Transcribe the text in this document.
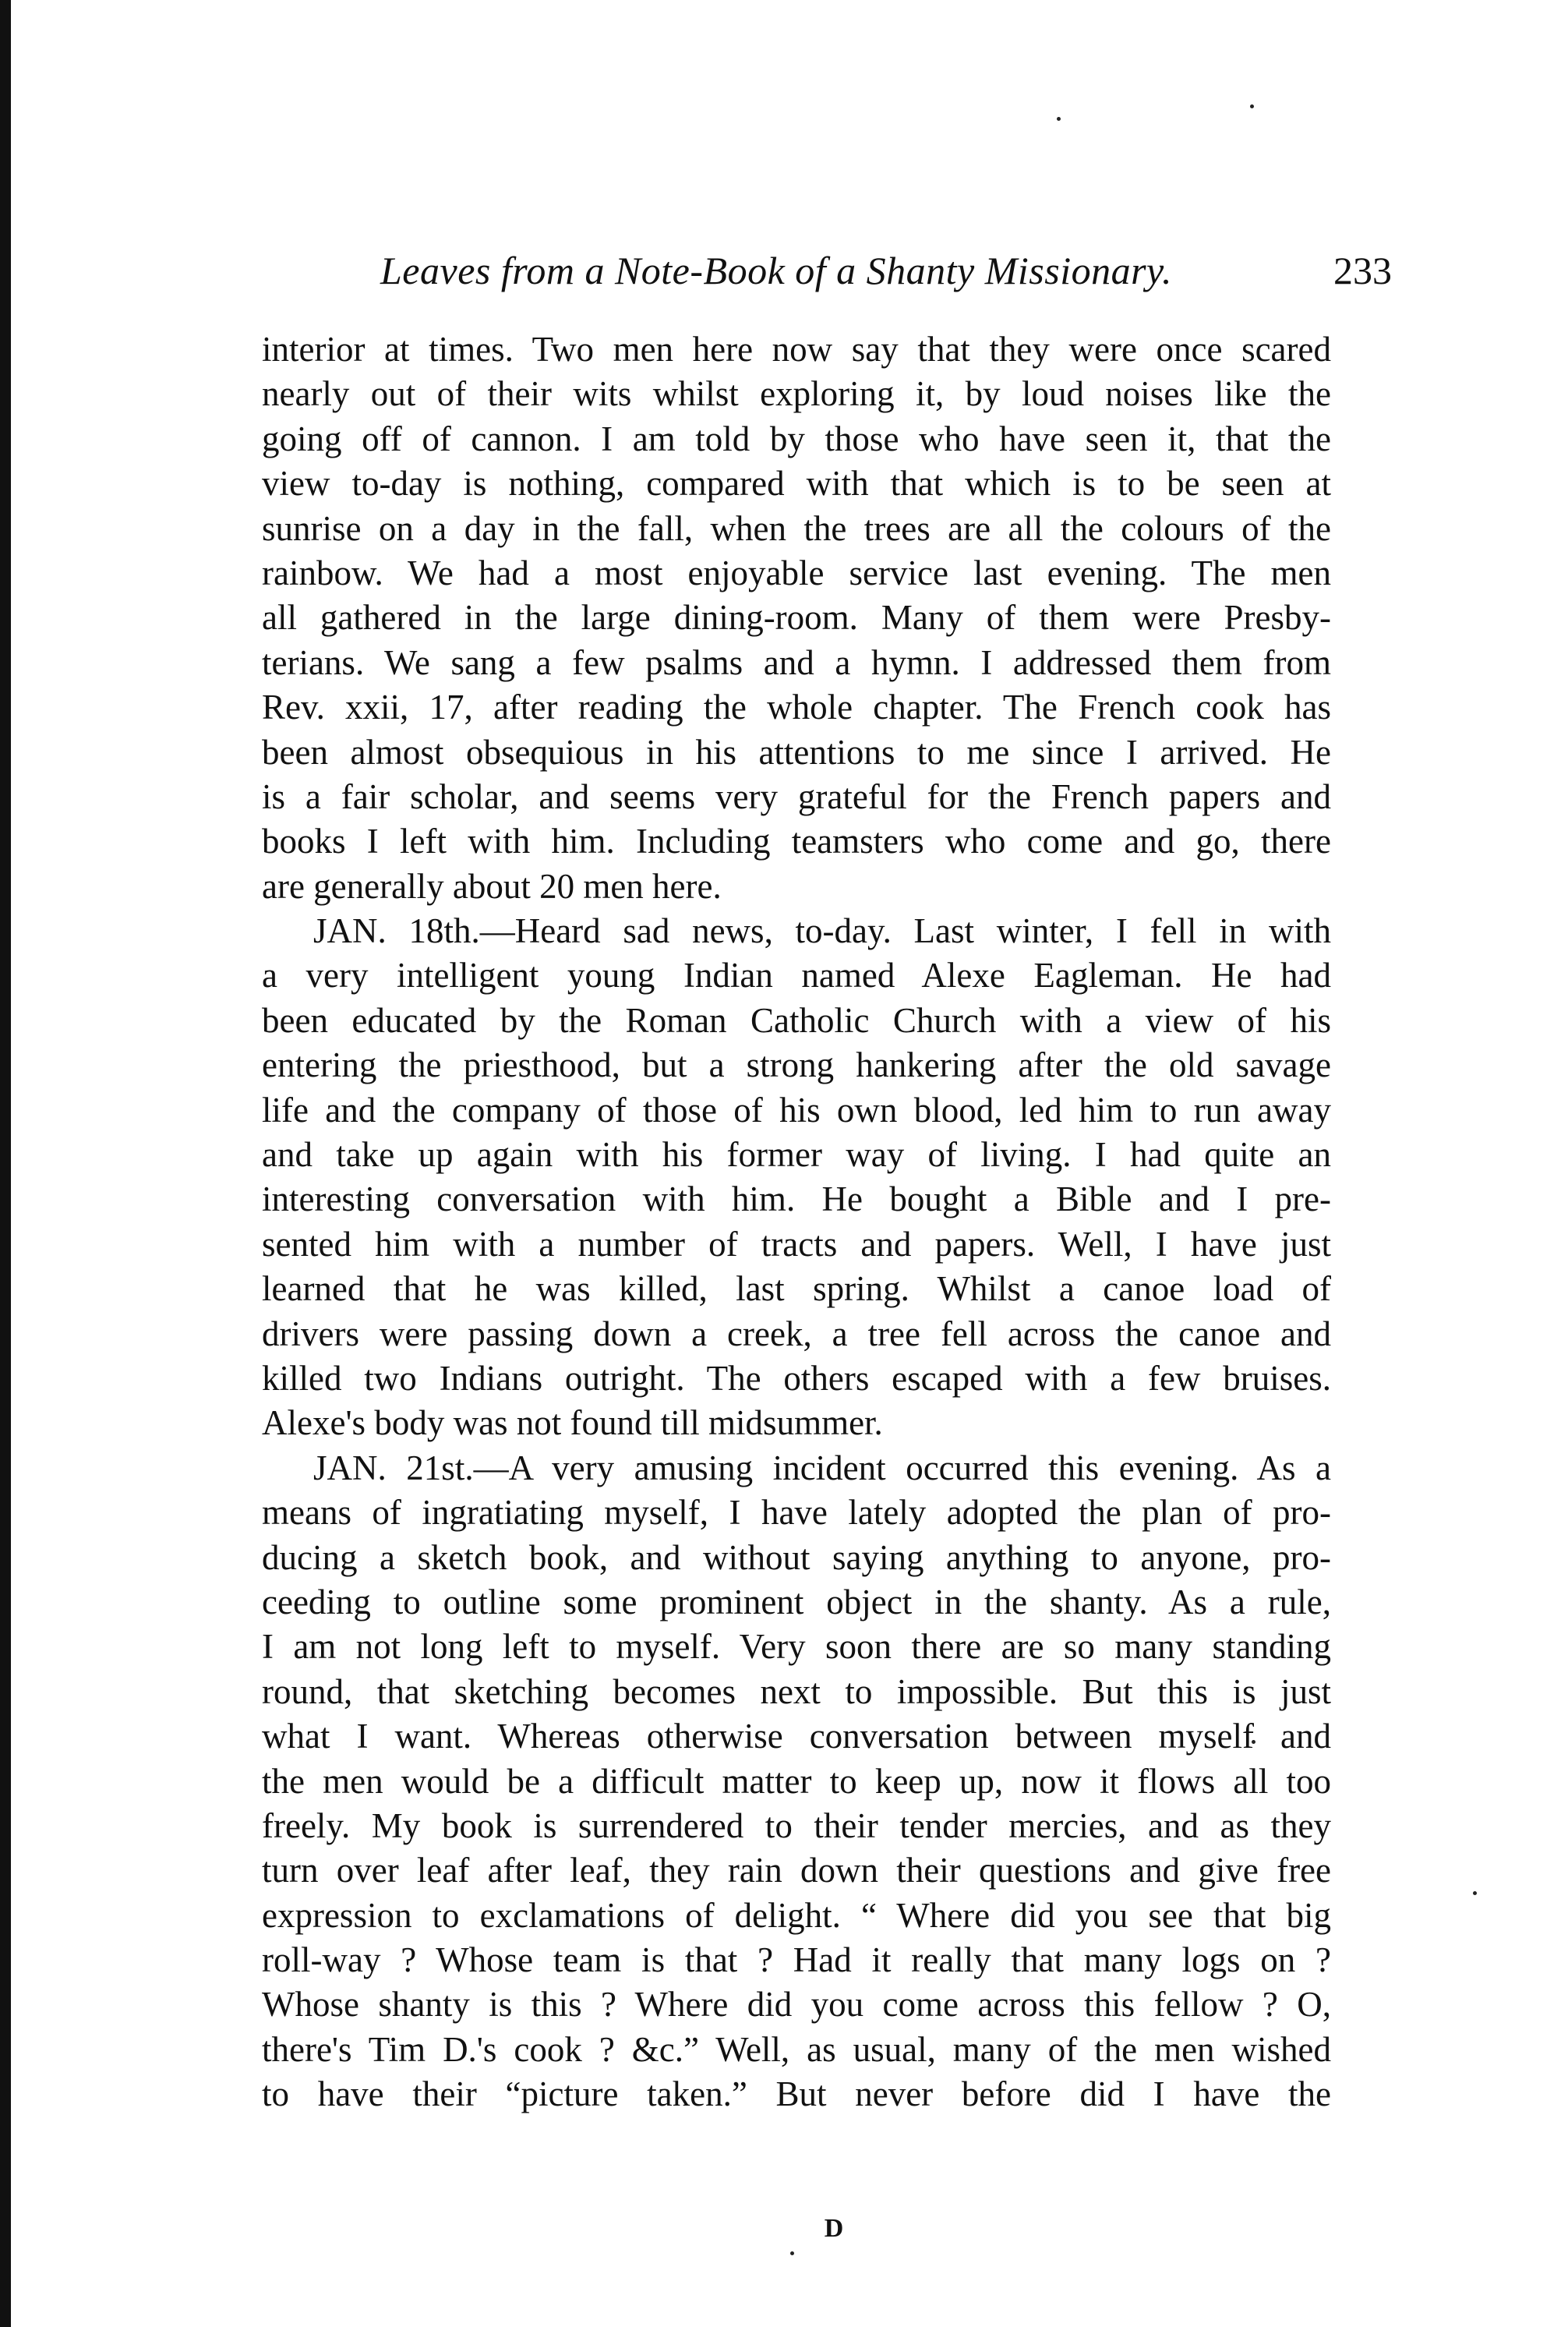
Leaves from a Note-Book of a Shanty Missionary.	233
interior at times. Two men here now say that they were once scared
nearly out of their wits whilst exploring it, by loud noises like the
going off of cannon. I am told by those who have seen it, that the
view to-day is nothing, compared with that which is to be seen at
sunrise on a day in the fall, when the trees are all the colours of the
rainbow. We had a most enjoyable service last evening. The men
all gathered in the large dining-room. Many of them were Presby-
terians. We sang a few psalms and a hymn. I addressed them from
Rev. xxii, 17, after reading the whole chapter. The French cook has
been almost obsequious in his attentions to me since I arrived. He
is a fair scholar, and seems very grateful for the French papers and
books I left with him. Including teamsters who come and go, there
are generally about 20 men here.
JAN. 18th.—Heard sad news, to-day. Last winter, I fell in with
a very intelligent young Indian named Alexe Eagleman. He had
been educated by the Roman Catholic Church with a view of his
entering the priesthood, but a strong hankering after the old savage
life and the company of those of his own blood, led him to run away
and take up again with his former way of living. I had quite an
interesting conversation with him. He bought a Bible and I pre-
sented him with a number of tracts and papers. Well, I have just
learned that he was killed, last spring. Whilst a canoe load of
drivers were passing down a creek, a tree fell across the canoe and
killed two Indians outright. The others escaped with a few bruises.
Alexe's body was not found till midsummer.
JAN. 21st.—A very amusing incident occurred this evening. As a
means of ingratiating myself, I have lately adopted the plan of pro-
ducing a sketch book, and without saying anything to anyone, pro-
ceeding to outline some prominent object in the shanty. As a rule,
I am not long left to myself. Very soon there are so many standing
round, that sketching becomes next to impossible. But this is just
what I want. Whereas otherwise conversation between myself and
the men would be a difficult matter to keep up, now it flows all too
freely. My book is surrendered to their tender mercies, and as they
turn over leaf after leaf, they rain down their questions and give free
expression to exclamations of delight. “ Where did you see that big
roll-way ? Whose team is that ? Had it really that many logs on ?
Whose shanty is this ? Where did you come across this fellow ? O,
there's Tim D.'s cook ? &c.” Well, as usual, many of the men wished
to have their “picture taken.” But never before did I have the
D
